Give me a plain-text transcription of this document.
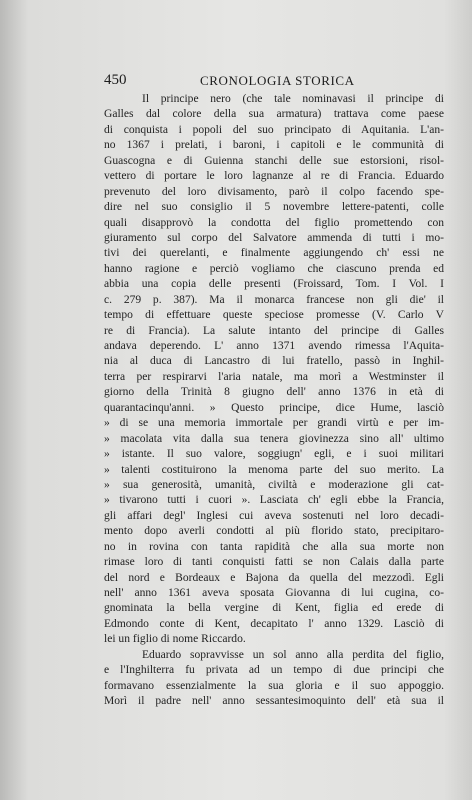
450	CRONOLOGIA STORICA
Il principe nero (che tale nominavasi il principe di
Galles dal colore della sua armatura) trattava come paese
di conquista i popoli del suo principato di Aquitania. L'an-
no 1367 i prelati, i baroni, i capitoli e le communità di
Guascogna e di Guienna stanchi delle sue estorsioni, risol-
vettero di portare le loro lagnanze al re di Francia. Eduardo
prevenuto del loro divisamento, parò il colpo facendo spe-
dire nel suo consiglio il 5 novembre lettere-patenti, colle
quali disapprovò la condotta del figlio promettendo con
giuramento sul corpo del Salvatore ammenda di tutti i mo-
tivi dei querelanti, e finalmente aggiungendo ch' essi ne
hanno ragione e perciò vogliamo che ciascuno prenda ed
abbia una copia delle presenti (Froissard, Tom. I Vol. I
c. 279 p. 387). Ma il monarca francese non gli die' il
tempo di effettuare queste speciose promesse (V. Carlo V
re di Francia). La salute intanto del principe di Galles
andava deperendo. L' anno 1371 avendo rimessa l'Aquita-
nia al duca di Lancastro di lui fratello, passò in Inghil-
terra per respirarvi l'aria natale, ma morì a Westminster il
giorno della Trinità 8 giugno dell' anno 1376 in età di
quarantacinqu'anni. » Questo principe, dice Hume, lasciò
» di se una memoria immortale per grandi virtù e per im-
» macolata vita dalla sua tenera giovinezza sino all' ultimo
» istante. Il suo valore, soggiugn' egli, e i suoi militari
» talenti costituirono la menoma parte del suo merito. La
» sua generosità, umanità, civiltà e moderazione gli cat-
» tivarono tutti i cuori ». Lasciata ch' egli ebbe la Francia,
gli affari degl' Inglesi cui aveva sostenuti nel loro decadi-
mento dopo averli condotti al più florido stato, precipitaro-
no in rovina con tanta rapidità che alla sua morte non
rimase loro di tanti conquisti fatti se non Calais dalla parte
del nord e Bordeaux e Bajona da quella del mezzodì. Egli
nell' anno 1361 aveva sposata Giovanna di lui cugina, co-
gnominata la bella vergine di Kent, figlia ed erede di
Edmondo conte di Kent, decapitato l' anno 1329. Lasciò di
lei un figlio di nome Riccardo.
Eduardo sopravvisse un sol anno alla perdita del figlio,
e l'Inghilterra fu privata ad un tempo di due principi che
formavano essenzialmente la sua gloria e il suo appoggio.
Morì il padre nell' anno sessantesimoquinto dell' età sua il
